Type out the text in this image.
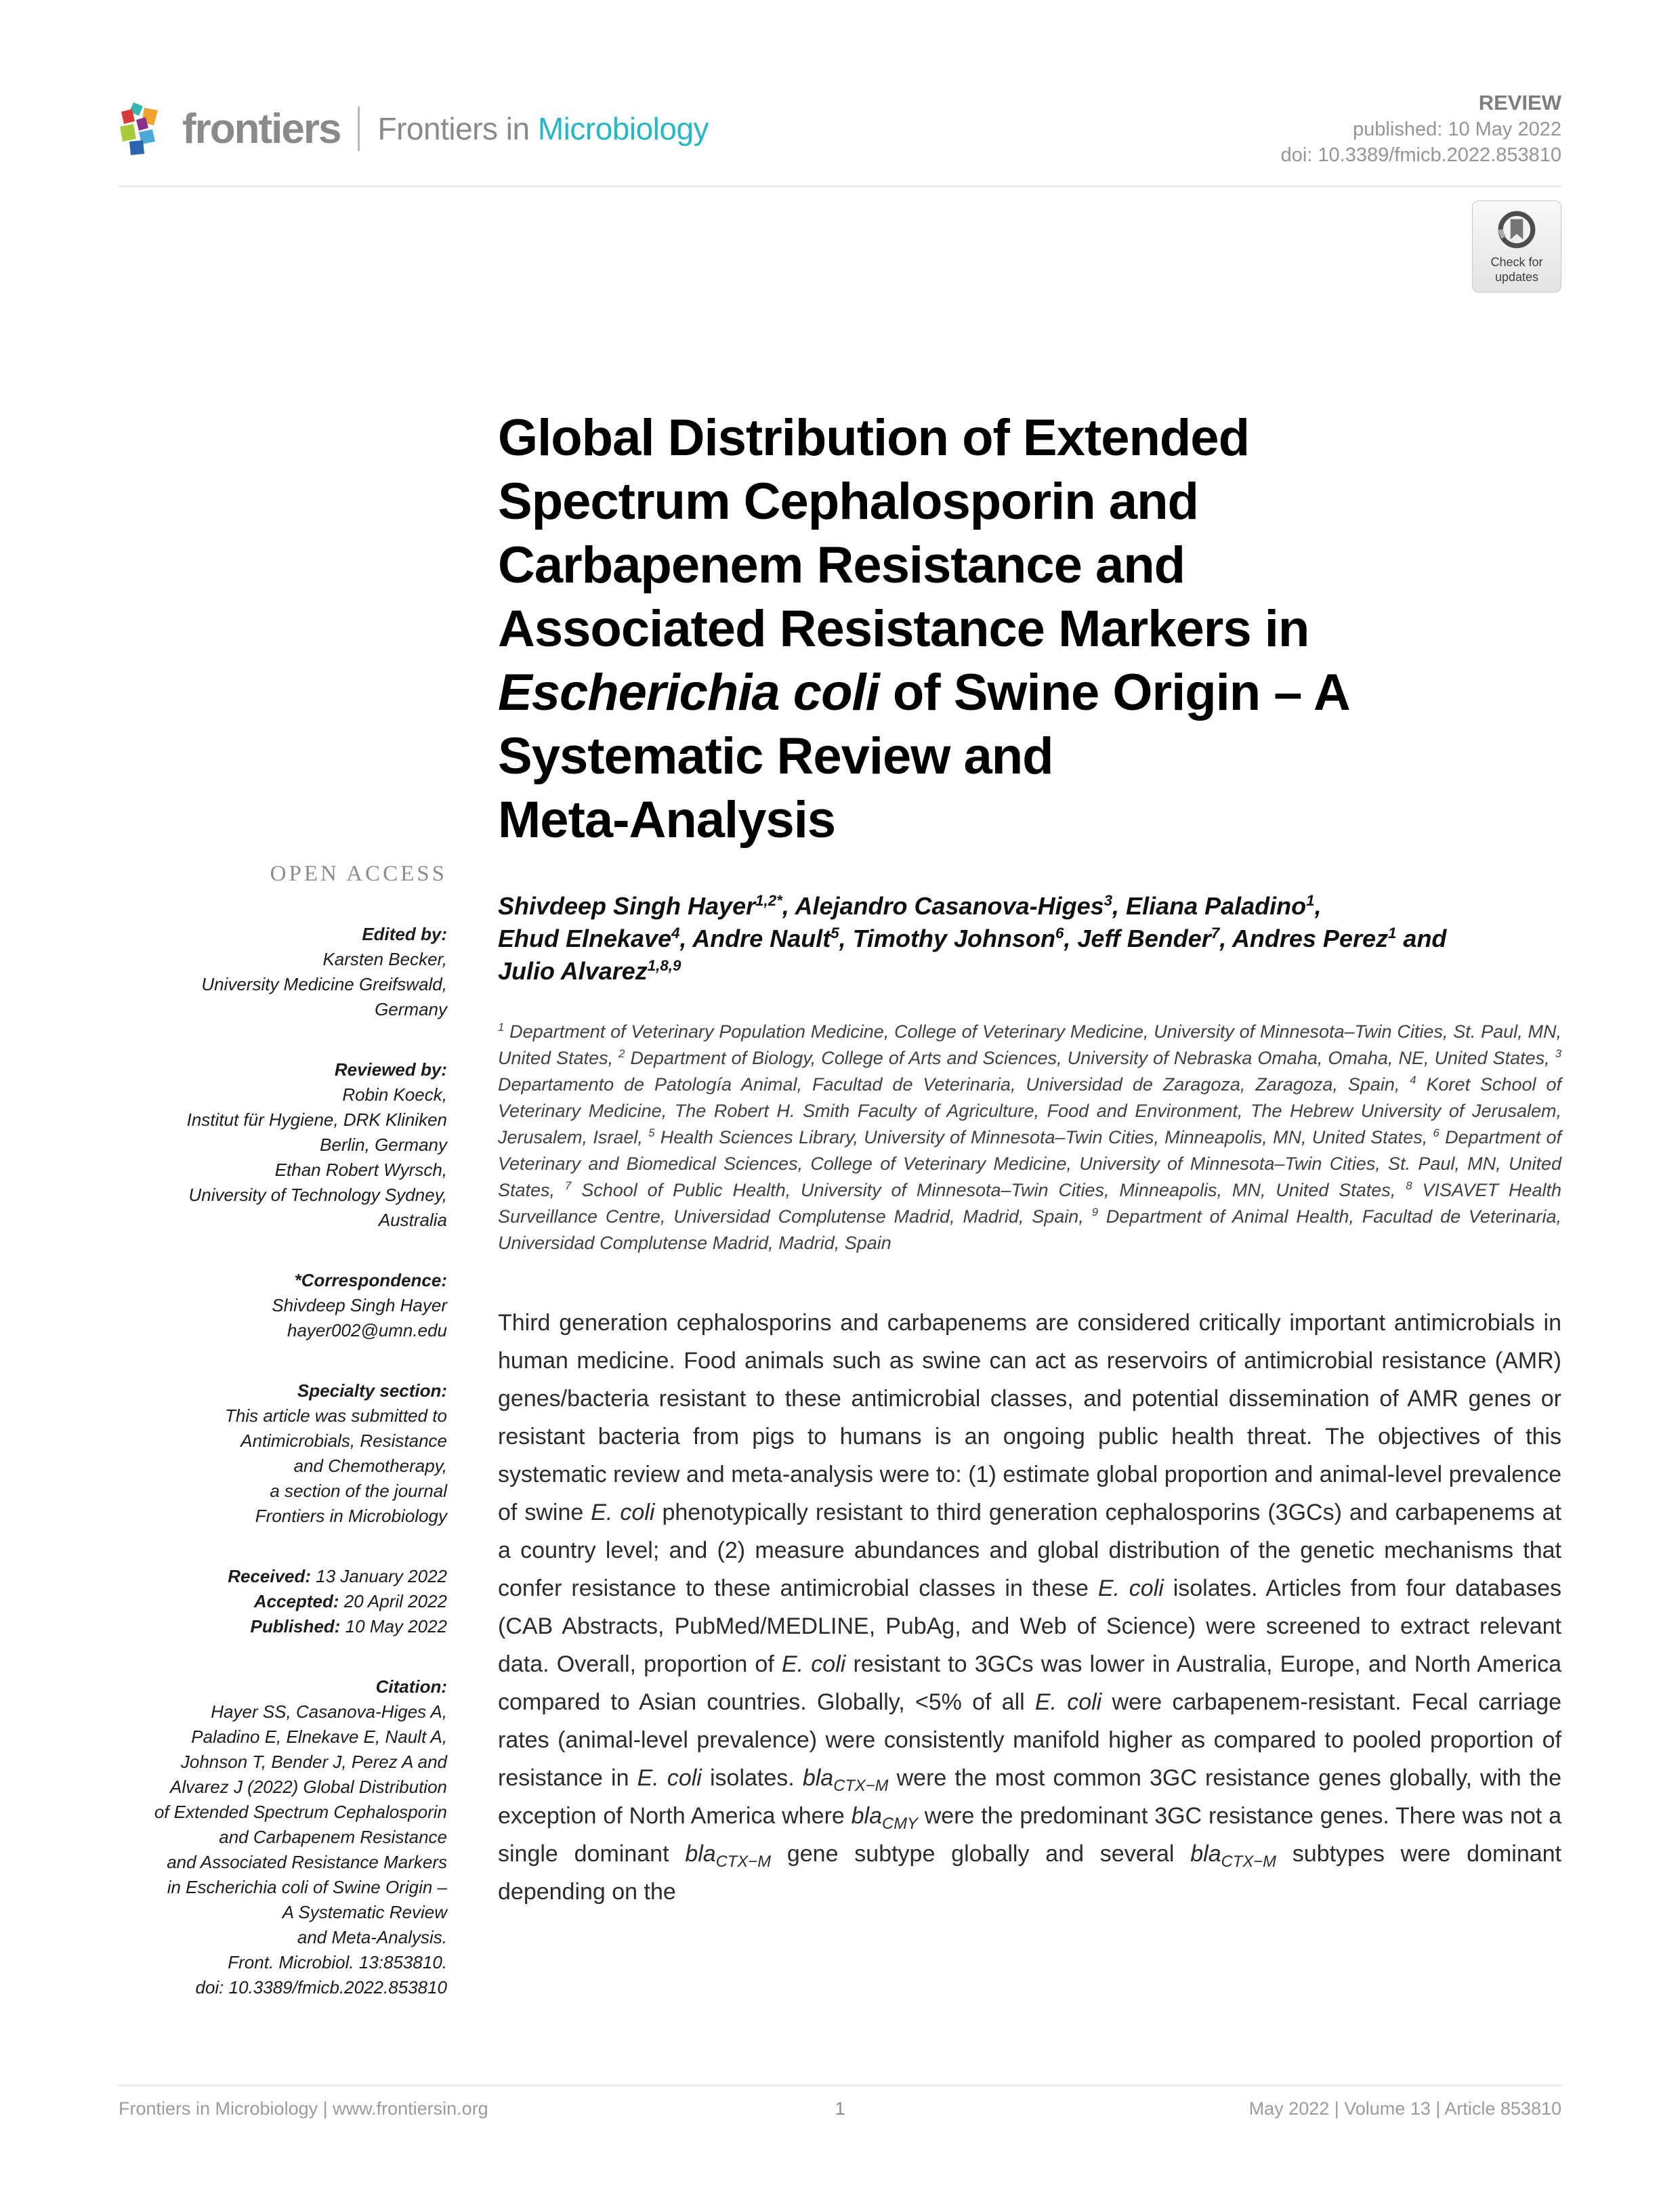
frontiers Frontiers in Microbiology
REVIEW
published: 10 May 2022
doi: 10.3389/fmicb.2022.853810
Check for updates
OPEN ACCESS
Edited by:
Karsten Becker,
University Medicine Greifswald,
Germany
Reviewed by:
Robin Koeck,
Institut für Hygiene, DRK Kliniken
Berlin, Germany
Ethan Robert Wyrsch,
University of Technology Sydney,
Australia
*Correspondence:
Shivdeep Singh Hayer
hayer002@umn.edu
Specialty section:
This article was submitted to
Antimicrobials, Resistance
and Chemotherapy,
a section of the journal
Frontiers in Microbiology
Received: 13 January 2022
Accepted: 20 April 2022
Published: 10 May 2022
Citation:
Hayer SS, Casanova-Higes A,
Paladino E, Elnekave E, Nault A,
Johnson T, Bender J, Perez A and
Alvarez J (2022) Global Distribution
of Extended Spectrum Cephalosporin
and Carbapenem Resistance
and Associated Resistance Markers
in Escherichia coli of Swine Origin –
A Systematic Review
and Meta-Analysis.
Front. Microbiol. 13:853810.
doi: 10.3389/fmicb.2022.853810
Global Distribution of Extended
Spectrum Cephalosporin and
Carbapenem Resistance and
Associated Resistance Markers in
Escherichia coli of Swine Origin – A
Systematic Review and
Meta-Analysis
Shivdeep Singh Hayer$^{1,2*}$, Alejandro Casanova-Higes$^3$, Eliana Paladino$^1$,
Ehud Elnekave$^4$, Andre Nault$^5$, Timothy Johnson$^6$, Jeff Bender$^7$, Andres Perez$^1$ and
Julio Alvarez$^{1,8,9}$
$^1$ Department of Veterinary Population Medicine, College of Veterinary Medicine, University of Minnesota–Twin Cities, St. Paul, MN, United States, $^2$ Department of Biology, College of Arts and Sciences, University of Nebraska Omaha, Omaha, NE, United States, $^3$ Departamento de Patología Animal, Facultad de Veterinaria, Universidad de Zaragoza, Zaragoza, Spain, $^4$ Koret School of Veterinary Medicine, The Robert H. Smith Faculty of Agriculture, Food and Environment, The Hebrew University of Jerusalem, Jerusalem, Israel, $^5$ Health Sciences Library, University of Minnesota–Twin Cities, Minneapolis, MN, United States, $^6$ Department of Veterinary and Biomedical Sciences, College of Veterinary Medicine, University of Minnesota–Twin Cities, St. Paul, MN, United States, $^7$ School of Public Health, University of Minnesota–Twin Cities, Minneapolis, MN, United States, $^8$ VISAVET Health Surveillance Centre, Universidad Complutense Madrid, Madrid, Spain, $^9$ Department of Animal Health, Facultad de Veterinaria, Universidad Complutense Madrid, Madrid, Spain
Third generation cephalosporins and carbapenems are considered critically important antimicrobials in human medicine. Food animals such as swine can act as reservoirs of antimicrobial resistance (AMR) genes/bacteria resistant to these antimicrobial classes, and potential dissemination of AMR genes or resistant bacteria from pigs to humans is an ongoing public health threat. The objectives of this systematic review and meta-analysis were to: (1) estimate global proportion and animal-level prevalence of swine E. coli phenotypically resistant to third generation cephalosporins (3GCs) and carbapenems at a country level; and (2) measure abundances and global distribution of the genetic mechanisms that confer resistance to these antimicrobial classes in these E. coli isolates. Articles from four databases (CAB Abstracts, PubMed/MEDLINE, PubAg, and Web of Science) were screened to extract relevant data. Overall, proportion of E. coli resistant to 3GCs was lower in Australia, Europe, and North America compared to Asian countries. Globally, <5% of all E. coli were carbapenem-resistant. Fecal carriage rates (animal-level prevalence) were consistently manifold higher as compared to pooled proportion of resistance in E. coli isolates. bla$_{CTX-M}$ were the most common 3GC resistance genes globally, with the exception of North America where bla$_{CMY}$ were the predominant 3GC resistance genes. There was not a single dominant bla$_{CTX-M}$ gene subtype globally and several bla$_{CTX-M}$ subtypes were dominant depending on the
Frontiers in Microbiology | www.frontiersin.org	1	May 2022 | Volume 13 | Article 853810
